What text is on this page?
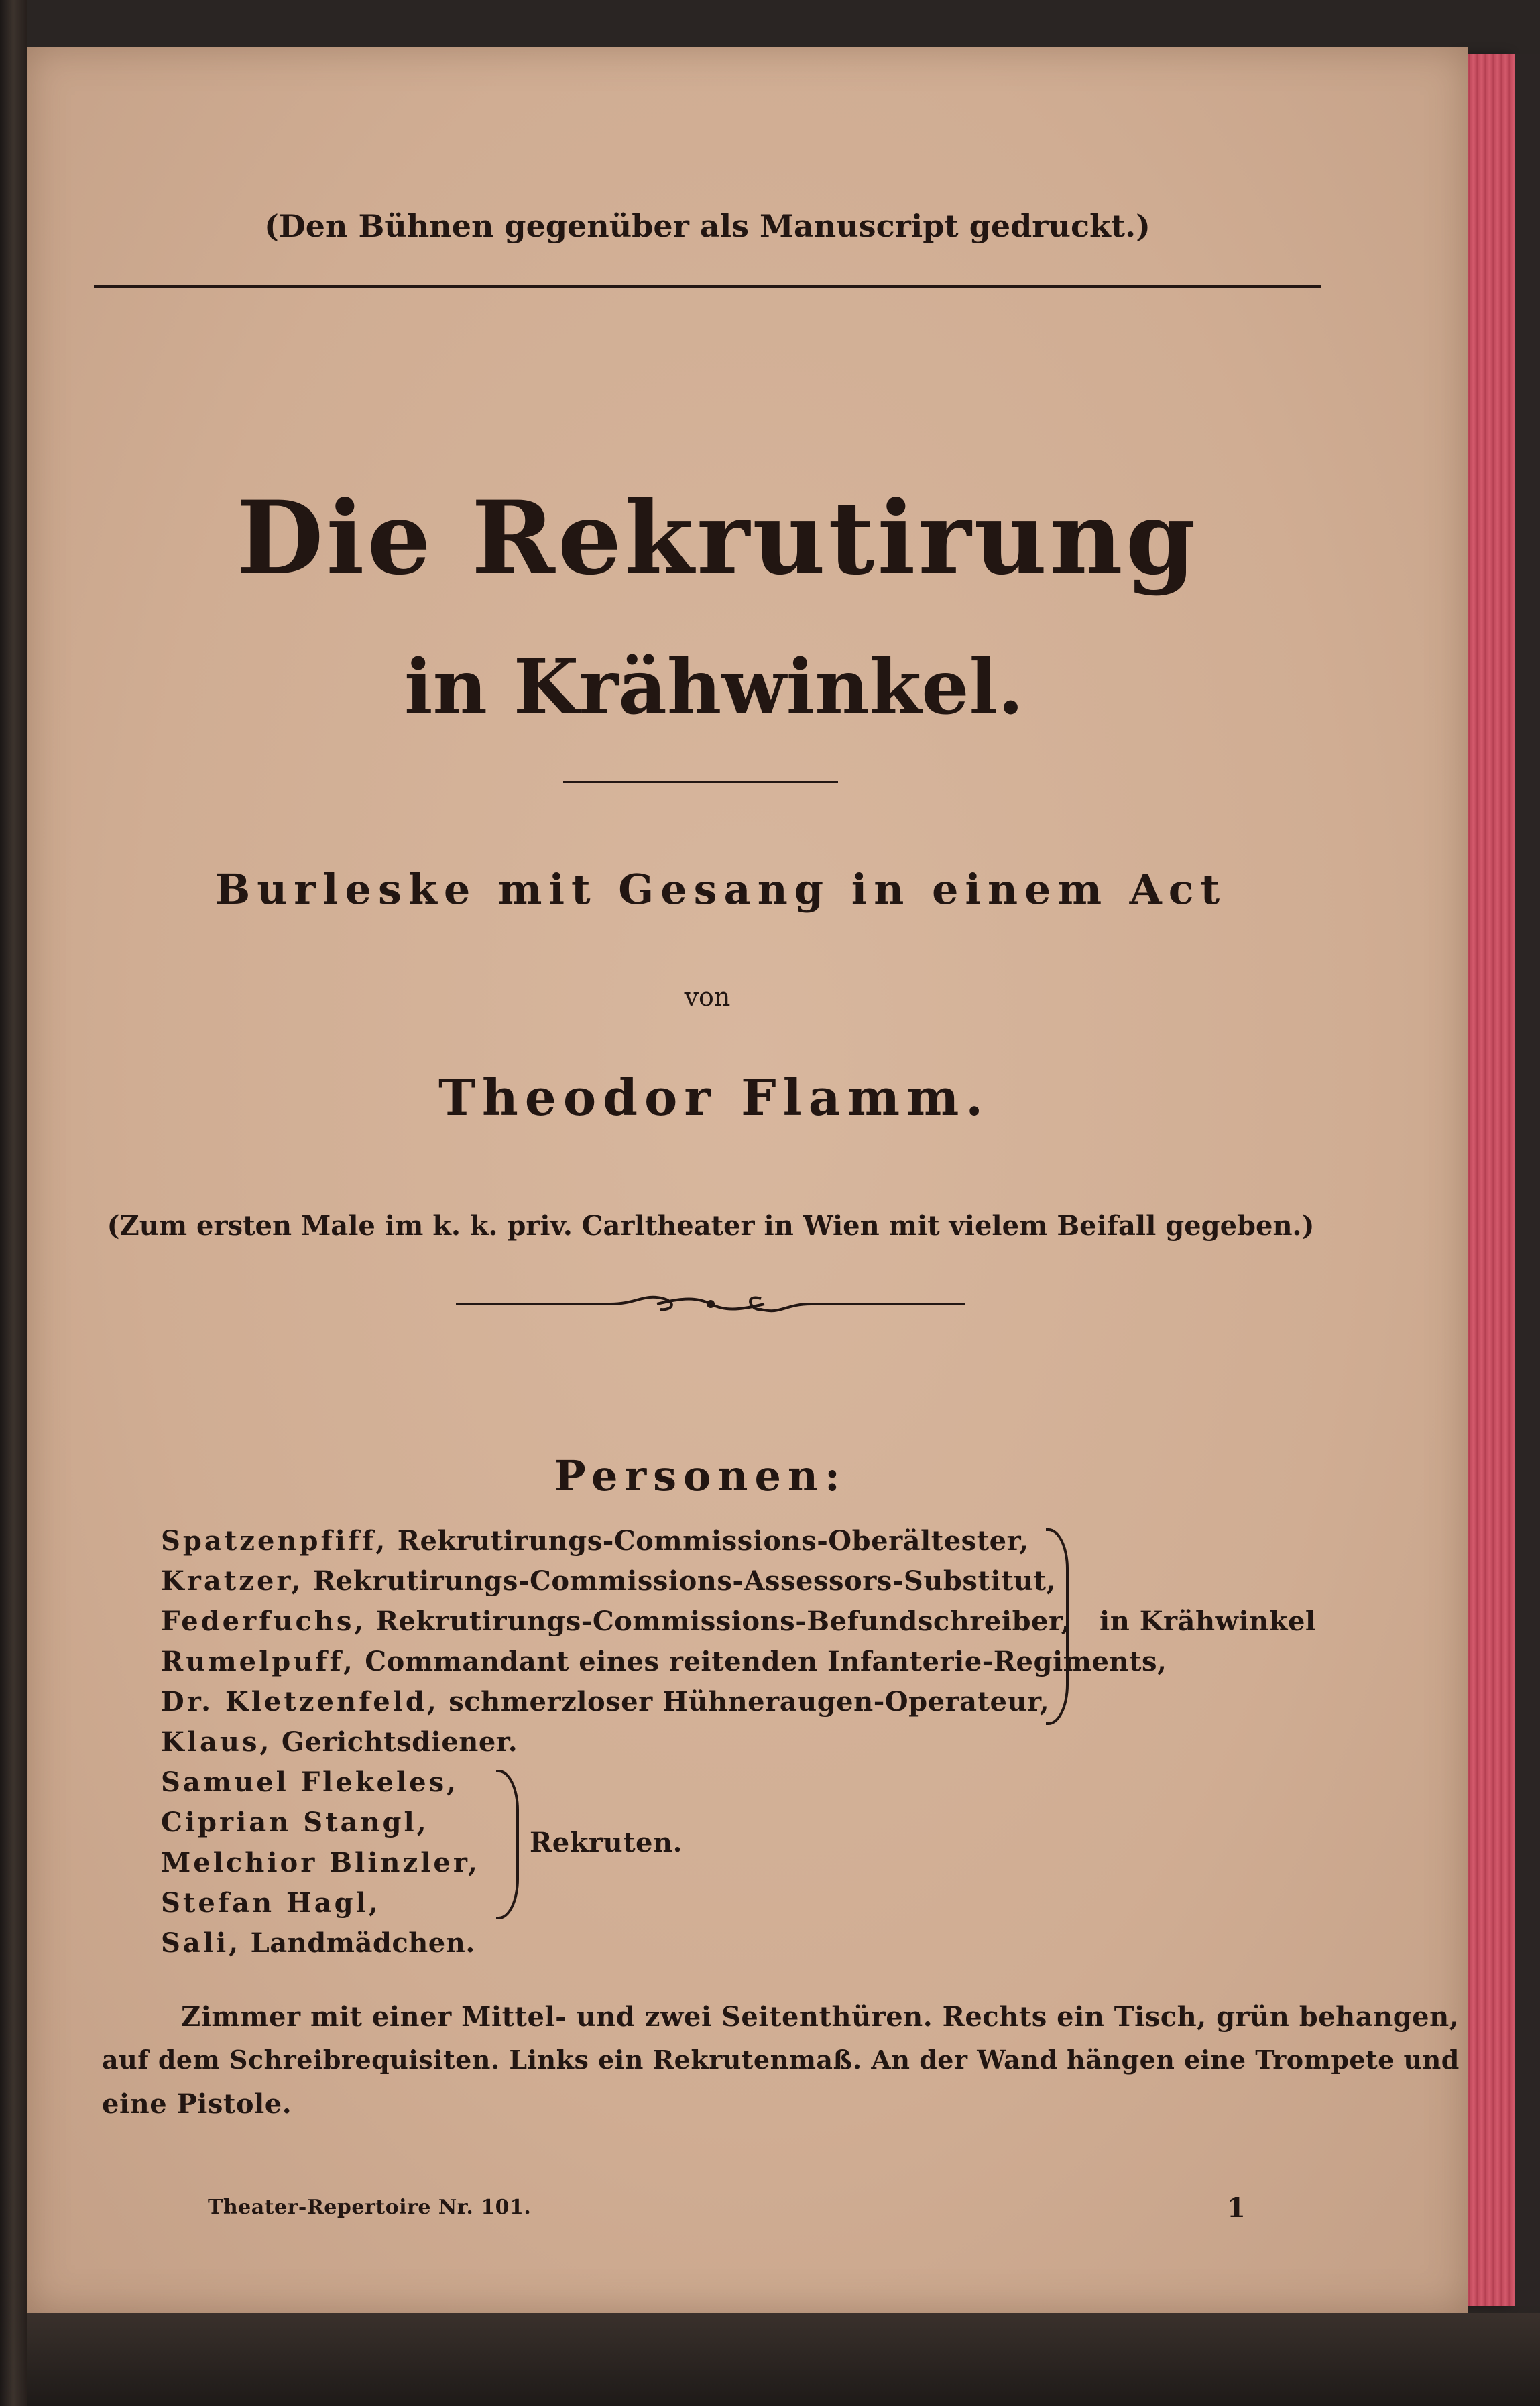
(Den Bühnen gegenüber als Manuscript gedruckt.)
Die Rekrutirung
in Krähwinkel.
Burleske mit Gesang in einem Act
von
Theodor Flamm.
(Zum ersten Male im k. k. priv. Carltheater in Wien mit vielem Beifall gegeben.)
Personen:
Spatzenpfiff, Rekrutirungs-Commissions-Oberältester,
Kratzer, Rekrutirungs-Commissions-Assessors-Substitut,
Federfuchs, Rekrutirungs-Commissions-Befundschreiber,
Rumelpuff, Commandant eines reitenden Infanterie-Regiments,
Dr. Kletzenfeld, schmerzloser Hühneraugen-Operateur,
in Krähwinkel
Klaus, Gerichtsdiener.
Samuel Flekeles,
Ciprian Stangl,
Melchior Blinzler,
Stefan Hagl,
Rekruten.
Sali, Landmädchen.
Zimmer mit einer Mittel- und zwei Seitenthüren. Rechts ein Tisch, grün behangen,
auf dem Schreibrequisiten. Links ein Rekrutenmaß. An der Wand hängen eine Trompete und
eine Pistole.
Theater-Repertoire Nr. 101.	1
